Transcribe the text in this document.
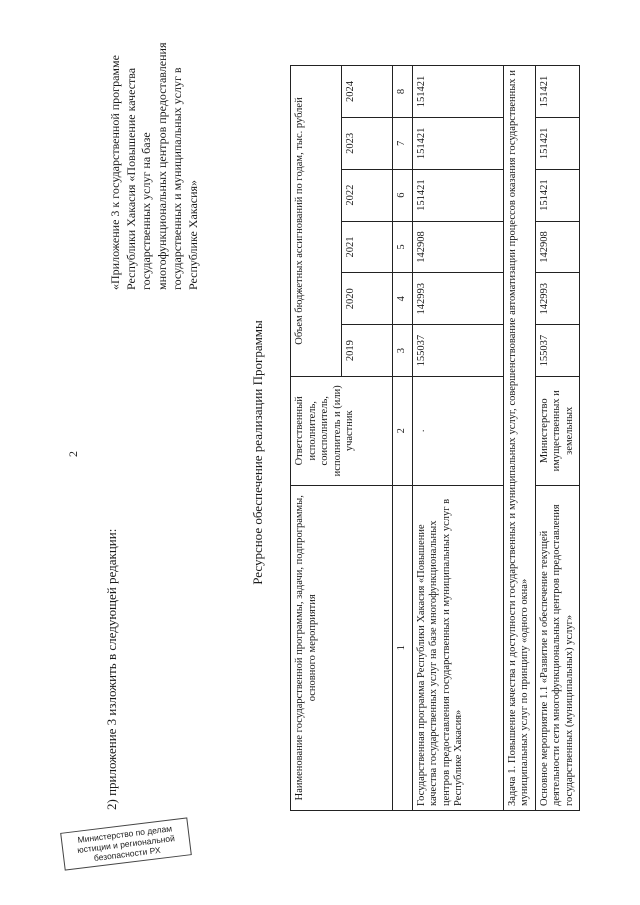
2
2) приложение 3 изложить в следующей редакции:
«Приложение 3 к государственной программе Республики Хакасия «Повышение качества государственных услуг на базе многофункциональных центров предоставления государственных и муниципальных услуг в Республике Хакасия»
Ресурсное обеспечение реализации Программы
Наименование государственной программы, задачи, подпрограммы, основного мероприятия	Ответственный исполнитель, соисполнитель, исполнитель и (или) участник	Объем бюджетных ассигнований по годам, тыс. рублей					
		2019	2020	2021	2022	2023	2024
1	2	3	4	5	6	7	8
Государственная программа Республики Хакасия «Повышение качества государственных услуг на базе многофункциональных центров предоставления государственных и муниципальных услуг в Республике Хакасия»	.	155037	142993	142908	151421	151421	151421
Задача 1. Повышение качества и доступности государственных и муниципальных услуг, совершенствование автоматизации процессов оказания государственных и муниципальных услуг по принципу «одного окна»							
Основное мероприятие 1.1 «Развитие и обеспечение текущей деятельности сети многофункциональных центров предоставления государственных (муниципальных) услуг»	Министерство имущественных и земельных	155037	142993	142908	151421	151421	151421
Министерство по делам юстиции и региональной безопасности РХ
